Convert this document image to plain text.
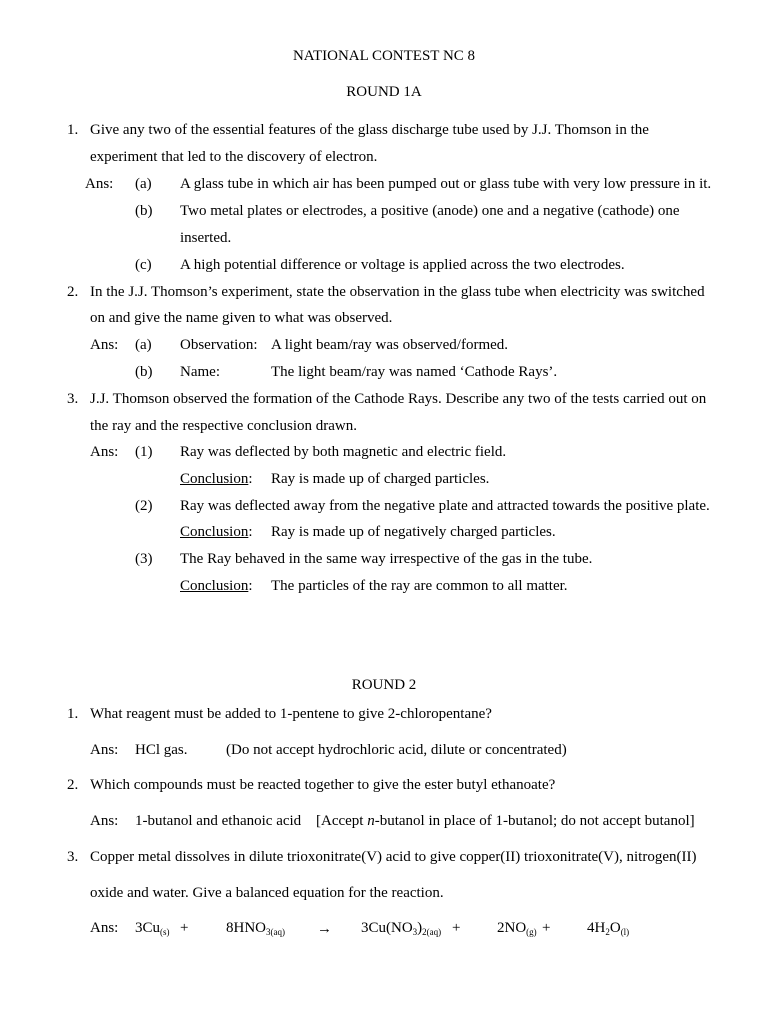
NATIONAL CONTEST NC 8
ROUND 1A
1. Give any two of the essential features of the glass discharge tube used by J.J. Thomson in the
experiment that led to the discovery of electron.
Ans: (a) A glass tube in which air has been pumped out or glass tube with very low pressure in it.
(b) Two metal plates or electrodes, a positive (anode) one and a negative (cathode) one
inserted.
(c) A high potential difference or voltage is applied across the two electrodes.
2. In the J.J. Thomson’s experiment, state the observation in the glass tube when electricity was switched
on and give the name given to what was observed.
Ans: (a) Observation: A light beam/ray was observed/formed.
(b) Name:	The light beam/ray was named ‘Cathode Rays’.
3. J.J. Thomson observed the formation of the Cathode Rays. Describe any two of the tests carried out on
the ray and the respective conclusion drawn.
Ans: (1) Ray was deflected by both magnetic and electric field.
Conclusion: Ray is made up of charged particles.
(2) Ray was deflected away from the negative plate and attracted towards the positive plate.
Conclusion: Ray is made up of negatively charged particles.
(3) The Ray behaved in the same way irrespective of the gas in the tube.
Conclusion: The particles of the ray are common to all matter.
ROUND 2
1. What reagent must be added to 1-pentene to give 2-chloropentane?
Ans: HCl gas.	(Do not accept hydrochloric acid, dilute or concentrated)
2. Which compounds must be reacted together to give the ester butyl ethanoate?
Ans: 1-butanol and ethanoic acid [Accept n-butanol in place of 1-butanol; do not accept butanol]
3. Copper metal dissolves in dilute trioxonitrate(V) acid to give copper(II) trioxonitrate(V), nitrogen(II)
oxide and water. Give a balanced equation for the reaction.
Ans: $3Cu_{(s)}$ +	$8HNO_{3(aq)} \to 3Cu(NO_3)_{2(aq)} + 2NO_{(g)} + 4H_2O_{(l)}$
